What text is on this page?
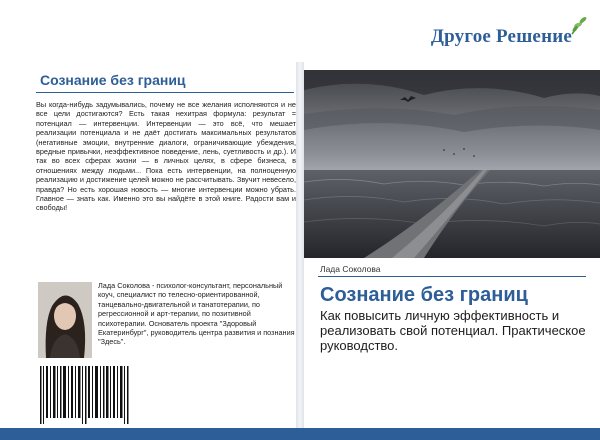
Другое Решение
Сознание без границ
Вы когда-нибудь задумывались, почему не все желания исполняются и не все цели достигаются? Есть такая нехитрая формула: результат = потенциал — интервенции. Интервенции — это всё, что мешает реализации потенциала и не даёт достигать максимальных результатов (негативные эмоции, внутренние диалоги, ограничивающие убеждения, вредные привычки, неэффективное поведение, лень, суетливость и др.). И так во всех сферах жизни — в личных целях, в сфере бизнеса, в отношениях между людьми... Пока есть интервенции, на полноценную реализацию и достижение целей можно не рассчитывать. Звучит невесело, правда? Но есть хорошая новость — многие интервенции можно убрать. Главное — знать как. Именно это вы найдёте в этой книге. Радости вам и свободы!
Лада Соколова - психолог-консультант, персональный коуч, специалист по телесно-ориентированной, танцевально-двигательной и танатотерапии, по регрессионной и арт-терапии, по позитивной психотерапии. Основатель проекта "Здоровый Екатеринбург", руководитель центра развития и познания "Здесь".
Лада Соколова
Сознание без границ
Как повысить личную эффективность и реализовать свой потенциал. Практическое руководство.
